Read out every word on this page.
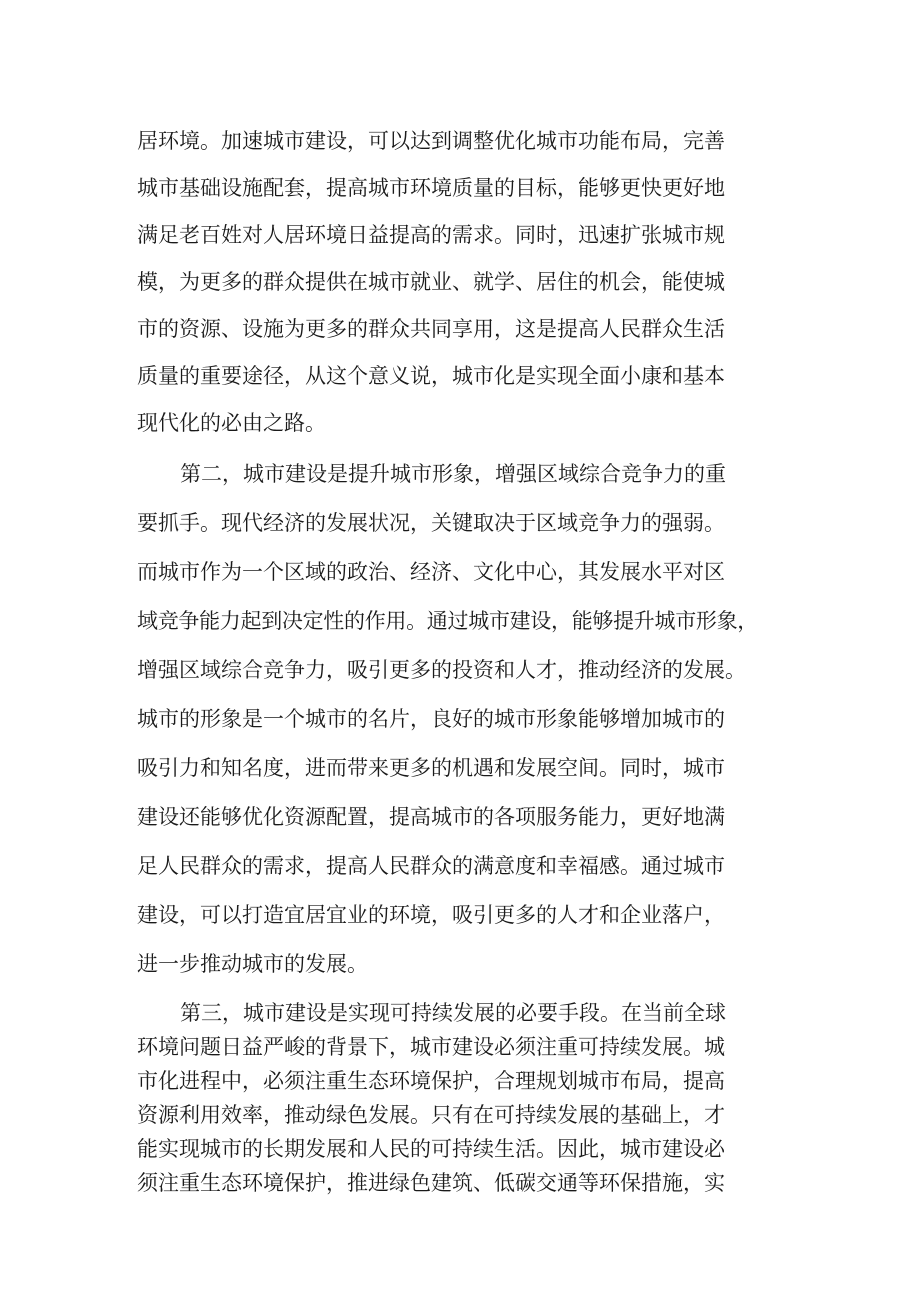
居环境。加速城市建设，可以达到调整优化城市功能布局，完善
城市基础设施配套，提高城市环境质量的目标，能够更快更好地
满足老百姓对人居环境日益提高的需求。同时，迅速扩张城市规
模，为更多的群众提供在城市就业、就学、居住的机会，能使城
市的资源、设施为更多的群众共同享用，这是提高人民群众生活
质量的重要途径，从这个意义说，城市化是实现全面小康和基本
现代化的必由之路。
第二，城市建设是提升城市形象，增强区域综合竞争力的重
要抓手。现代经济的发展状况，关键取决于区域竞争力的强弱。
而城市作为一个区域的政治、经济、文化中心，其发展水平对区
域竞争能力起到决定性的作用。通过城市建设，能够提升城市形象，
增强区域综合竞争力，吸引更多的投资和人才，推动经济的发展。
城市的形象是一个城市的名片，良好的城市形象能够增加城市的
吸引力和知名度，进而带来更多的机遇和发展空间。同时，城市
建设还能够优化资源配置，提高城市的各项服务能力，更好地满
足人民群众的需求，提高人民群众的满意度和幸福感。通过城市
建设，可以打造宜居宜业的环境，吸引更多的人才和企业落户，
进一步推动城市的发展。
第三，城市建设是实现可持续发展的必要手段。在当前全球
环境问题日益严峻的背景下，城市建设必须注重可持续发展。城
市化进程中，必须注重生态环境保护，合理规划城市布局，提高
资源利用效率，推动绿色发展。只有在可持续发展的基础上，才
能实现城市的长期发展和人民的可持续生活。因此，城市建设必
须注重生态环境保护，推进绿色建筑、低碳交通等环保措施，实
